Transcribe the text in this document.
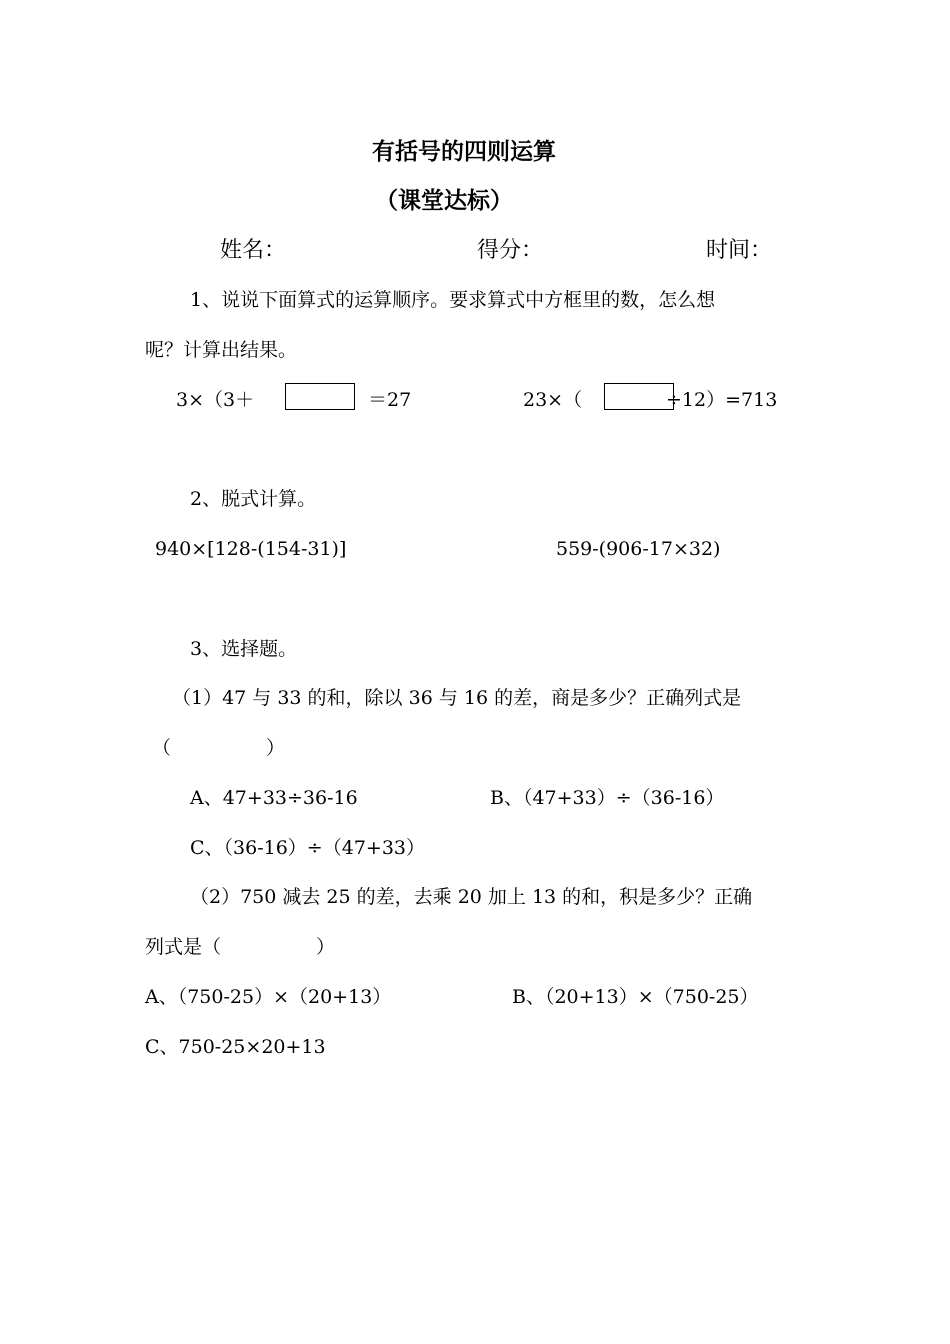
有括号的四则运算
（课堂达标）
姓名：	得分：	时间：
1、说说下面算式的运算顺序。要求算式中方框里的数，怎么想
呢？计算出结果。
3×（3＋	＝27	23×（	÷12）=713
2、脱式计算。
940×[128-(154-31)]	559-(906-17×32)
3、选择题。
（1）47 与 33 的和，除以 36 与 16 的差，商是多少？正确列式是
（　　　　　）
A、47+33÷36-16	B、（47+33）÷（36-16）
C、（36-16）÷（47+33）
（2）750 减去 25 的差，去乘 20 加上 13 的和，积是多少？正确
列式是（　　　　　）
A、（750-25）×（20+13）	B、（20+13）×（750-25）
C、750-25×20+13
